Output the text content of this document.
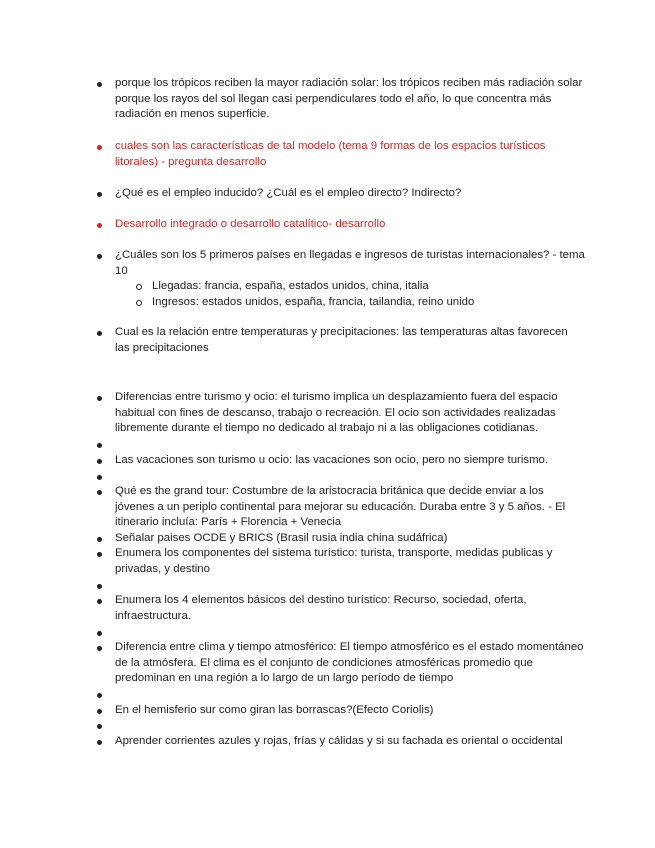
porque los trópicos reciben la mayor radiación solar: los trópicos reciben más radiación solar porque los rayos del sol llegan casi perpendiculares todo el año, lo que concentra más radiación en menos superficie.
cuales son las características de tal modelo (tema 9 formas de los espacios turísticos litorales) - pregunta desarrollo
¿Qué es el empleo inducido? ¿Cuál es el empleo directo? Indirecto?
Desarrollo integrado o desarrollo catalítico- desarrollo
¿Cuáles son los 5 primeros países en llegadas e ingresos de turistas internacionales? - tema 10
Llegadas: francia, españa, estados unidos, china, italia
Ingresos: estados unidos, españa, francia, tailandia, reino unido
Cual es la relación entre temperaturas y precipitaciones: las temperaturas altas favorecen las precipitaciones
Diferencias entre turismo y ocio: el turismo implica un desplazamiento fuera del espacio habitual con fines de descanso, trabajo o recreación. El ocio son actividades realizadas libremente durante el tiempo no dedicado al trabajo ni a las obligaciones cotidianas.
Las vacaciones son turismo u ocio: las vacaciones son ocio, pero no siempre turismo.
Qué es the grand tour: Costumbre de la aristocracia británica que decide enviar a los jóvenes a un periplo continental para mejorar su educación. Duraba entre 3 y 5 años. - El itinerario incluía: París + Florencia + Venecia
Señalar paises OCDE y BRICS (Brasil rusia india china sudáfrica)
Enumera los componentes del sistema turístico: turista, transporte, medidas publicas y privadas, y destino
Enumera los 4 elementos básicos del destino turístico: Recurso, sociedad, oferta, infraestructura.
Diferencia entre clima y tiempo atmosférico: El tiempo atmosférico es el estado momentáneo de la atmósfera. El clima es el conjunto de condiciones atmosféricas promedio que predominan en una región a lo largo de un largo período de tiempo
En el hemisferio sur como giran las borrascas?(Efecto Coriolis)
Aprender corrientes azules y rojas, frías y cálidas y si su fachada es oriental o occidental
